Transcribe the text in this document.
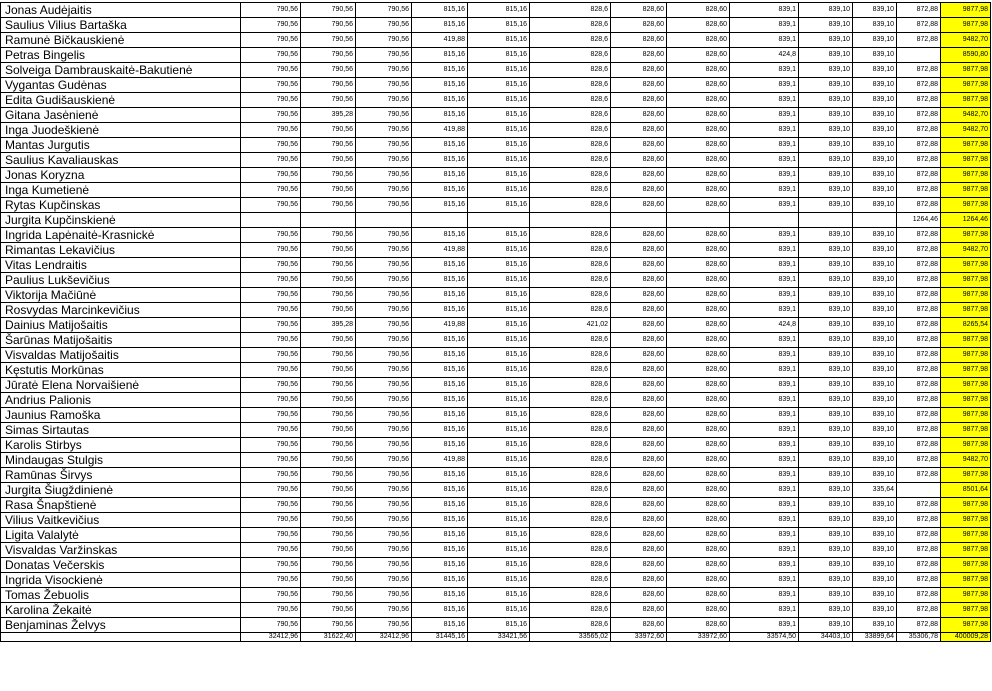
Jonas Audėjaitis	790,56	790,56	790,56	815,16	815,16	828,6	828,60	828,60	839,1	839,10	839,10	872,88	9877,98
Saulius Vilius Bartaška	790,56	790,56	790,56	815,16	815,16	828,6	828,60	828,60	839,1	839,10	839,10	872,88	9877,98
Ramunė Bičkauskienė	790,56	790,56	790,56	419,88	815,16	828,6	828,60	828,60	839,1	839,10	839,10	872,88	9482,70
Petras Bingelis	790,56	790,56	790,56	815,16	815,16	828,6	828,60	828,60	424,8	839,10	839,10		8590,80
Solveiga Dambrauskaitė-Bakutienė	790,56	790,56	790,56	815,16	815,16	828,6	828,60	828,60	839,1	839,10	839,10	872,88	9877,98
Vygantas Gudėnas	790,56	790,56	790,56	815,16	815,16	828,6	828,60	828,60	839,1	839,10	839,10	872,88	9877,98
Edita Gudišauskienė	790,56	790,56	790,56	815,16	815,16	828,6	828,60	828,60	839,1	839,10	839,10	872,88	9877,98
Gitana Jasėnienė	790,56	395,28	790,56	815,16	815,16	828,6	828,60	828,60	839,1	839,10	839,10	872,88	9482,70
Inga Juodeškienė	790,56	790,56	790,56	419,88	815,16	828,6	828,60	828,60	839,1	839,10	839,10	872,88	9482,70
Mantas Jurgutis	790,56	790,56	790,56	815,16	815,16	828,6	828,60	828,60	839,1	839,10	839,10	872,88	9877,98
Saulius Kavaliauskas	790,56	790,56	790,56	815,16	815,16	828,6	828,60	828,60	839,1	839,10	839,10	872,88	9877,98
Jonas Koryzna	790,56	790,56	790,56	815,16	815,16	828,6	828,60	828,60	839,1	839,10	839,10	872,88	9877,98
Inga Kumetienė	790,56	790,56	790,56	815,16	815,16	828,6	828,60	828,60	839,1	839,10	839,10	872,88	9877,98
Rytas Kupčinskas	790,56	790,56	790,56	815,16	815,16	828,6	828,60	828,60	839,1	839,10	839,10	872,88	9877,98
Jurgita Kupčinskienė												1264,46	1264,46
Ingrida Lapėnaitė-Krasnickė	790,56	790,56	790,56	815,16	815,16	828,6	828,60	828,60	839,1	839,10	839,10	872,88	9877,98
Rimantas Lekavičius	790,56	790,56	790,56	419,88	815,16	828,6	828,60	828,60	839,1	839,10	839,10	872,88	9482,70
Vitas Lendraitis	790,56	790,56	790,56	815,16	815,16	828,6	828,60	828,60	839,1	839,10	839,10	872,88	9877,98
Paulius Lukševičius	790,56	790,56	790,56	815,16	815,16	828,6	828,60	828,60	839,1	839,10	839,10	872,88	9877,98
Viktorija Mačiūnė	790,56	790,56	790,56	815,16	815,16	828,6	828,60	828,60	839,1	839,10	839,10	872,88	9877,98
Rosvydas Marcinkevičius	790,56	790,56	790,56	815,16	815,16	828,6	828,60	828,60	839,1	839,10	839,10	872,88	9877,98
Dainius Matijošaitis	790,56	395,28	790,56	419,88	815,16	421,02	828,60	828,60	424,8	839,10	839,10	872,88	8265,54
Šarūnas Matijošaitis	790,56	790,56	790,56	815,16	815,16	828,6	828,60	828,60	839,1	839,10	839,10	872,88	9877,98
Visvaldas Matijošaitis	790,56	790,56	790,56	815,16	815,16	828,6	828,60	828,60	839,1	839,10	839,10	872,88	9877,98
Kęstutis Morkūnas	790,56	790,56	790,56	815,16	815,16	828,6	828,60	828,60	839,1	839,10	839,10	872,88	9877,98
Jūratė Elena Norvaišienė	790,56	790,56	790,56	815,16	815,16	828,6	828,60	828,60	839,1	839,10	839,10	872,88	9877,98
Andrius Palionis	790,56	790,56	790,56	815,16	815,16	828,6	828,60	828,60	839,1	839,10	839,10	872,88	9877,98
Jaunius Ramoška	790,56	790,56	790,56	815,16	815,16	828,6	828,60	828,60	839,1	839,10	839,10	872,88	9877,98
Simas Sirtautas	790,56	790,56	790,56	815,16	815,16	828,6	828,60	828,60	839,1	839,10	839,10	872,88	9877,98
Karolis Stirbys	790,56	790,56	790,56	815,16	815,16	828,6	828,60	828,60	839,1	839,10	839,10	872,88	9877,98
Mindaugas Stulgis	790,56	790,56	790,56	419,88	815,16	828,6	828,60	828,60	839,1	839,10	839,10	872,88	9482,70
Ramūnas Širvys	790,56	790,56	790,56	815,16	815,16	828,6	828,60	828,60	839,1	839,10	839,10	872,88	9877,98
Jurgita Šiugždinienė	790,56	790,56	790,56	815,16	815,16	828,6	828,60	828,60	839,1	839,10	335,64		8501,64
Rasa Šnapštienė	790,56	790,56	790,56	815,16	815,16	828,6	828,60	828,60	839,1	839,10	839,10	872,88	9877,98
Vilius Vaitkevičius	790,56	790,56	790,56	815,16	815,16	828,6	828,60	828,60	839,1	839,10	839,10	872,88	9877,98
Ligita Valalytė	790,56	790,56	790,56	815,16	815,16	828,6	828,60	828,60	839,1	839,10	839,10	872,88	9877,98
Visvaldas Varžinskas	790,56	790,56	790,56	815,16	815,16	828,6	828,60	828,60	839,1	839,10	839,10	872,88	9877,98
Donatas Večerskis	790,56	790,56	790,56	815,16	815,16	828,6	828,60	828,60	839,1	839,10	839,10	872,88	9877,98
Ingrida Visockienė	790,56	790,56	790,56	815,16	815,16	828,6	828,60	828,60	839,1	839,10	839,10	872,88	9877,98
Tomas Žebuolis	790,56	790,56	790,56	815,16	815,16	828,6	828,60	828,60	839,1	839,10	839,10	872,88	9877,98
Karolina Žekaitė	790,56	790,56	790,56	815,16	815,16	828,6	828,60	828,60	839,1	839,10	839,10	872,88	9877,98
Benjaminas Želvys	790,56	790,56	790,56	815,16	815,16	828,6	828,60	828,60	839,1	839,10	839,10	872,88	9877,98
	32412,96	31622,40	32412,96	31445,16	33421,56	33565,02	33972,60	33972,60	33574,50	34403,10	33899,64	35306,78	400009,28
